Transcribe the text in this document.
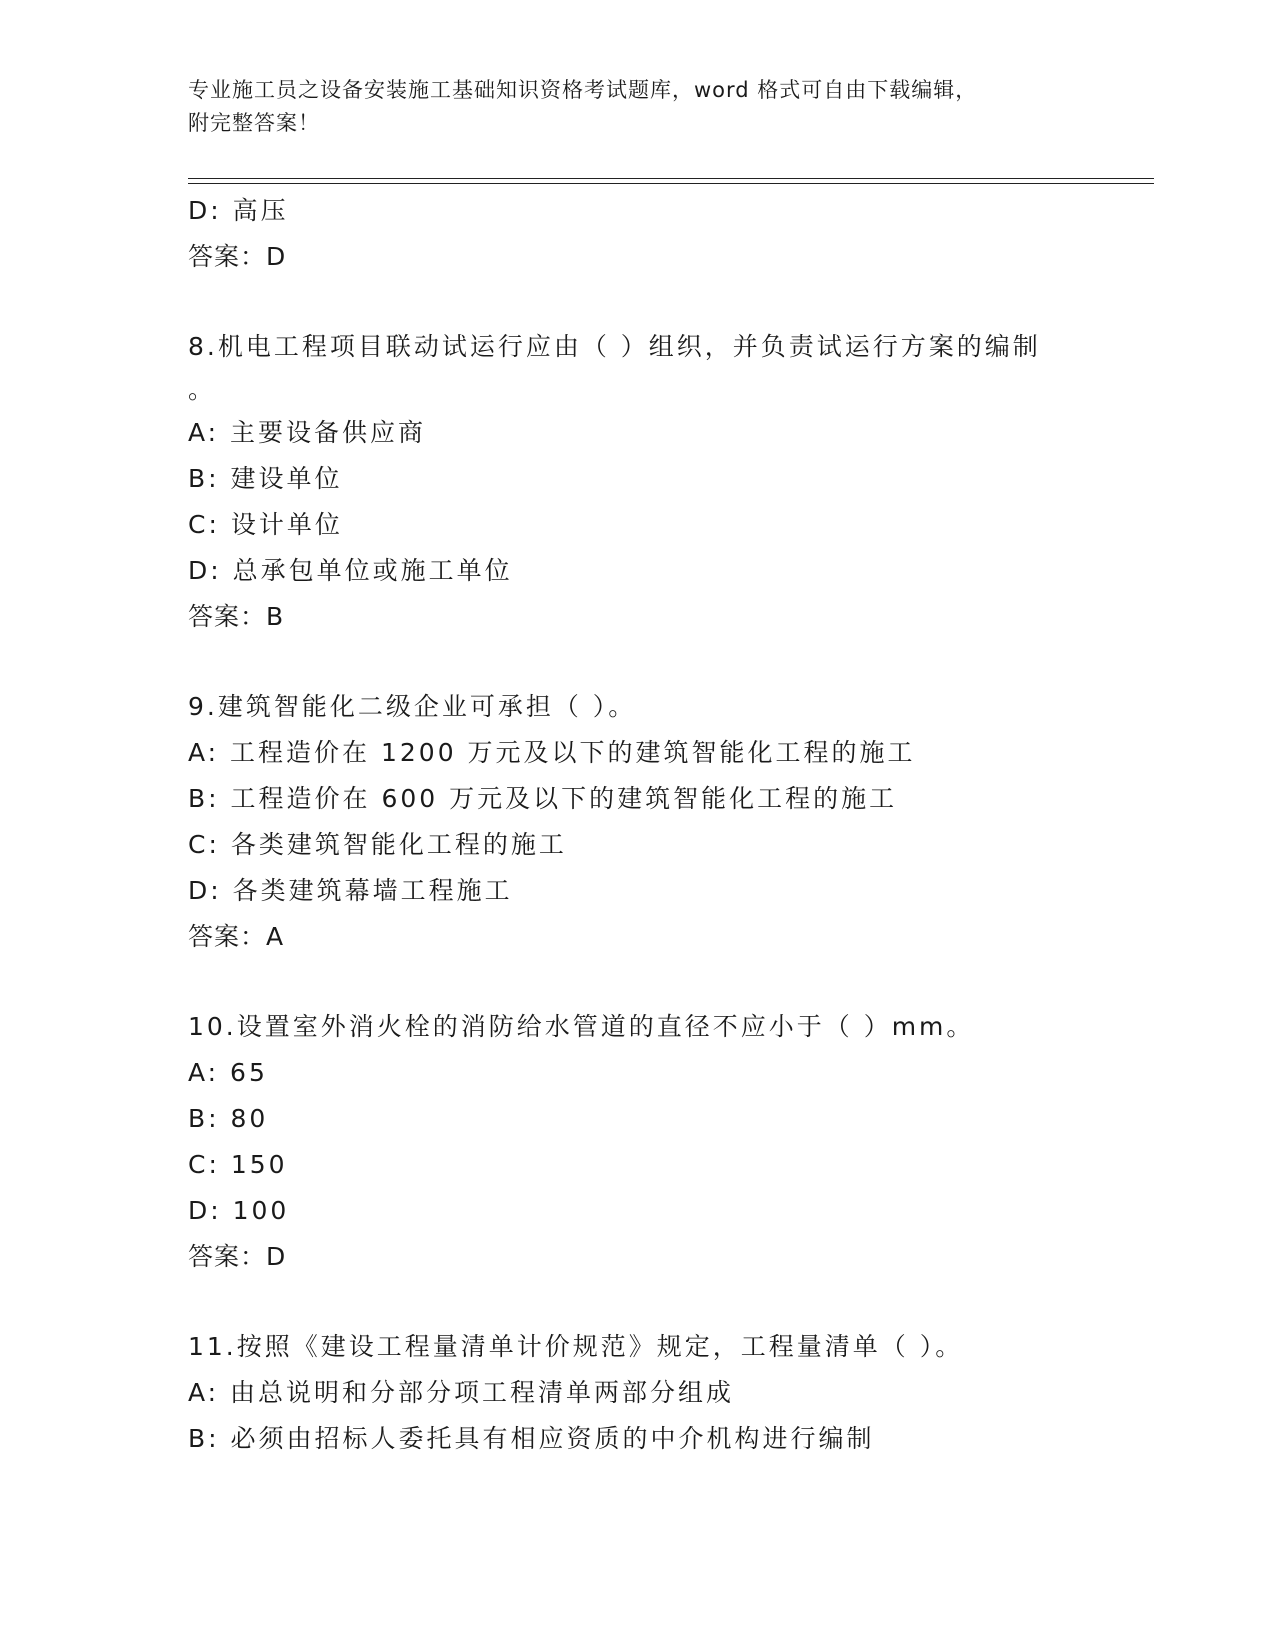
专业施工员之设备安装施工基础知识资格考试题库，word 格式可自由下载编辑，
附完整答案！
D: 高压
答案：D
8.机电工程项目联动试运行应由（ ）组织，并负责试运行方案的编制
。
A: 主要设备供应商
B: 建设单位
C: 设计单位
D: 总承包单位或施工单位
答案：B
9.建筑智能化二级企业可承担（ ）。
A: 工程造价在 1200 万元及以下的建筑智能化工程的施工
B: 工程造价在 600 万元及以下的建筑智能化工程的施工
C: 各类建筑智能化工程的施工
D: 各类建筑幕墙工程施工
答案：A
10.设置室外消火栓的消防给水管道的直径不应小于（ ）mm。
A: 65
B: 80
C: 150
D: 100
答案：D
11.按照《建设工程量清单计价规范》规定，工程量清单（ ）。
A: 由总说明和分部分项工程清单两部分组成
B: 必须由招标人委托具有相应资质的中介机构进行编制
